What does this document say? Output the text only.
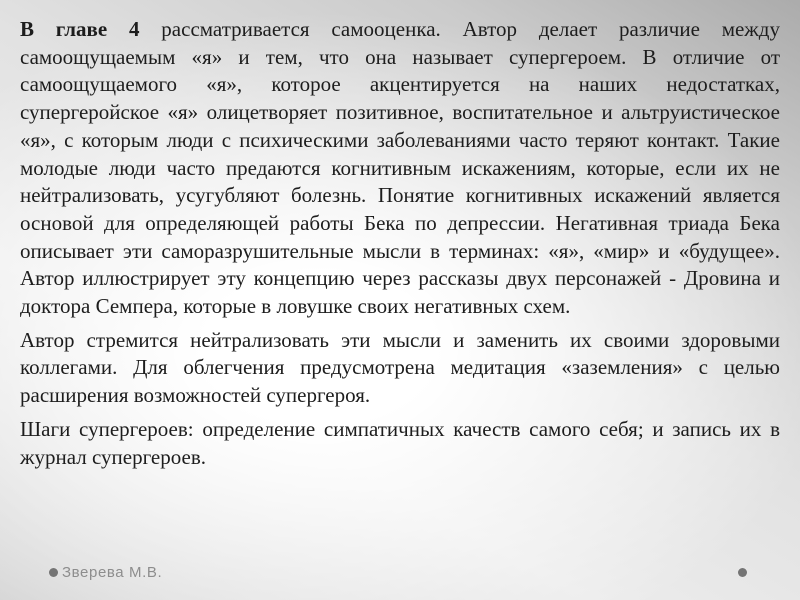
В главе 4 рассматривается самооценка. Автор делает различие между самоощущаемым «я» и тем, что она называет супергероем. В отличие от самоощущаемого «я», которое акцентируется на наших недостатках, супергеройское «я» олицетворяет позитивное, воспитательное и альтруистическое «я», с которым люди с психическими заболеваниями часто теряют контакт. Такие молодые люди часто предаются когнитивным искажениям, которые, если их не нейтрализовать, усугубляют болезнь. Понятие когнитивных искажений является основой для определяющей работы Бека по депрессии. Негативная триада Бека описывает эти саморазрушительные мысли в терминах: «я», «мир» и «будущее». Автор иллюстрирует эту концепцию через рассказы двух персонажей - Дровина и доктора Семпера, которые в ловушке своих негативных схем.

Автор стремится нейтрализовать эти мысли и заменить их своими здоровыми коллегами. Для облегчения предусмотрена медитация «заземления» с целью расширения возможностей супергероя.

Шаги супергероев: определение симпатичных качеств самого себя; и запись их в журнал супергероев.

Зверева М.В.
